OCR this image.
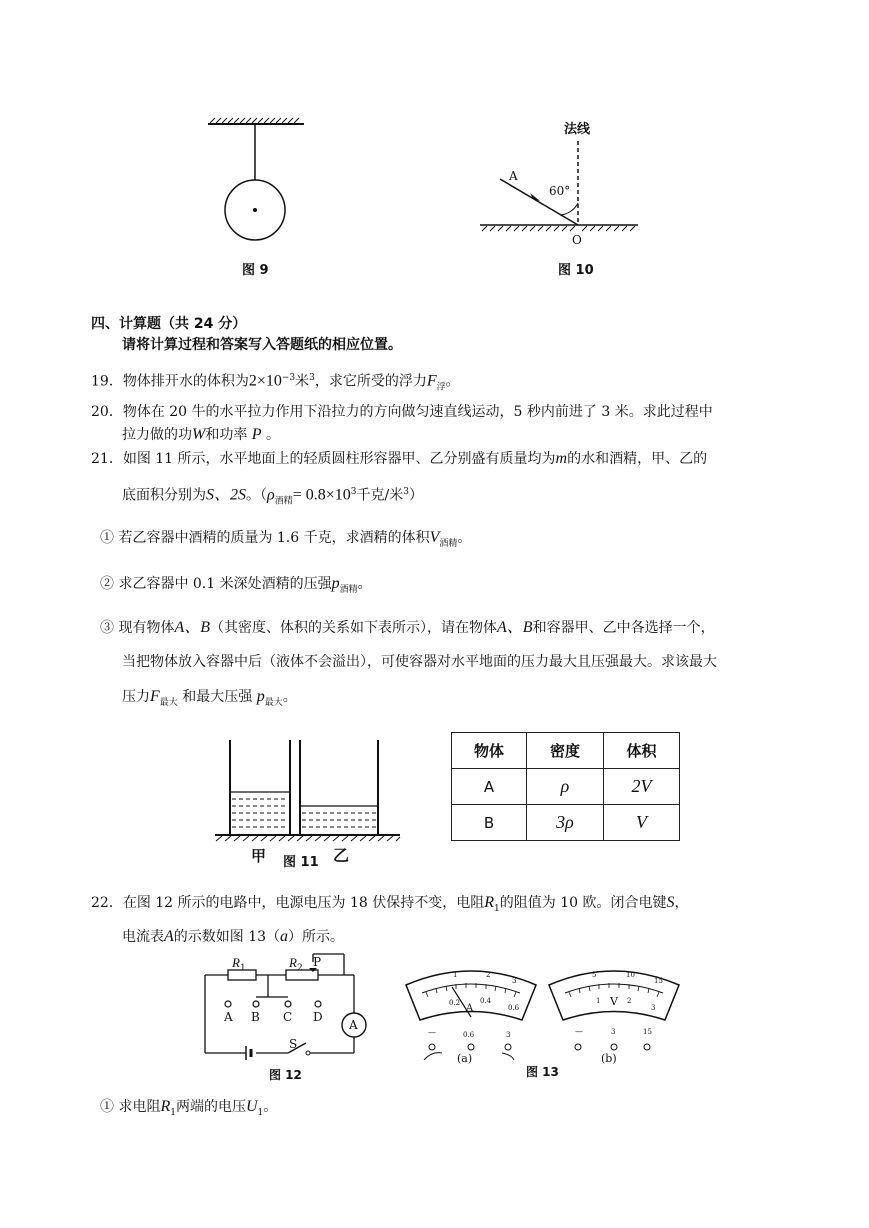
图 9
法线
A
60°
O
图 10
四、计算题（共 24 分）
请将计算过程和答案写入答题纸的相应位置。
19．物体排开水的体积为$2\times 10^{-3}$米$^3$，求它所受的浮力$F_浮$。
20．物体在 20 牛的水平拉力作用下沿拉力的方向做匀速直线运动，5 秒内前进了 3 米。求此过程中
拉力做的功W和功率 P 。
21．如图 11 所示，水平地面上的轻质圆柱形容器甲、乙分别盛有质量均为m的水和酒精，甲、乙的
底面积分别为S、2S。（$\rho_{酒精}= 0.8\times 10^3$千克/米$^3$）
① 若乙容器中酒精的质量为 1.6 千克，求酒精的体积$V_{酒精}$。
② 求乙容器中 0.1 米深处酒精的压强$p_{酒精}$。
③ 现有物体A、B（其密度、体积的关系如下表所示），请在物体A、B和容器甲、乙中各选择一个，
当把物体放入容器中后（液体不会溢出），可使容器对水平地面的压力最大且压强最大。求该最大
压力$F_{最大}$ 和最大压强 $p_{最大}$。
甲 图 11 乙
物体	密度	体积
A	ρ	2V
B	3ρ	V
22．在图 12 所示的电路中，电源电压为 18 伏保持不变，电阻$R_1$的阻值为 10 欧。闭合电键S，
电流表A的示数如图 13（a）所示。
$R_1$	$R_2$ P
A B C D
A
S
图 12
1	2
3
0.2	0.4
0.6
A
—	0.6	3
(a)
5	10
15
1 V 2
3
—	3	15
(b)
图 13
① 求电阻$R_1$两端的电压$U_1$。
